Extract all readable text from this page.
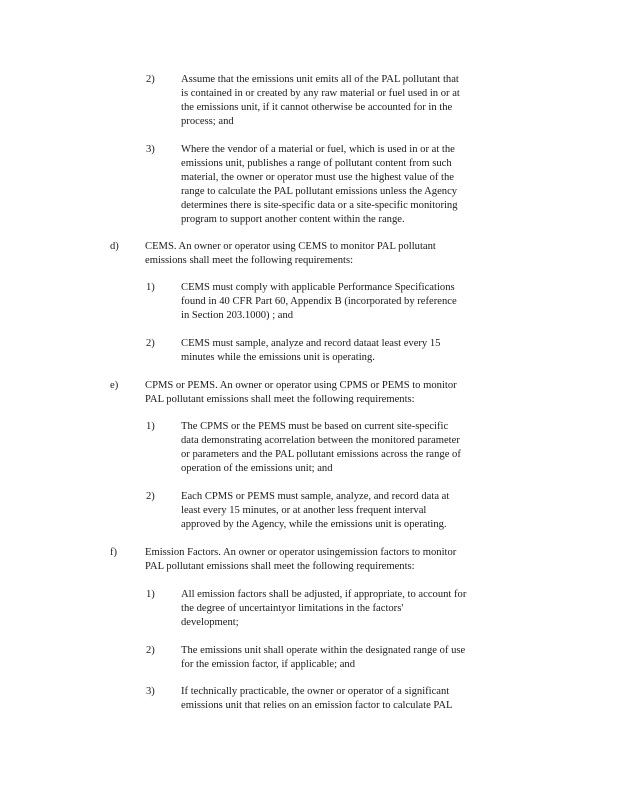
2) Assume that the emissions unit emits all of the PAL pollutant that
is contained in or created by any raw material or fuel used in or at
the emissions unit, if it cannot otherwise be accounted for in the
process; and
3) Where the vendor of a material or fuel, which is used in or at the
emissions unit, publishes a range of pollutant content from such
material, the owner or operator must use the highest value of the
range to calculate the PAL pollutant emissions unless the Agency
determines there is site-specific data or a site-specific monitoring
program to support another content within the range.
d) CEMS. An owner or operator using CEMS to monitor PAL pollutant
emissions shall meet the following requirements:
1) CEMS must comply with applicable Performance Specifications
found in 40 CFR Part 60, Appendix B (incorporated by reference
in Section 203.1000) ; and
2) CEMS must sample, analyze and record dataat least every 15
minutes while the emissions unit is operating.
e)	CPMS or PEMS. An owner or operator using CPMS or PEMS to monitor
PAL pollutant emissions shall meet the following requirements:
1) The CPMS or the PEMS must be based on current site-specific
data demonstrating acorrelation between the monitored parameter
or parameters and the PAL pollutant emissions across the range of
operation of the emissions unit; and
2) Each CPMS or PEMS must sample, analyze, and record data at
least every 15 minutes, or at another less frequent interval
approved by the Agency, while the emissions unit is operating.
f)	Emission Factors. An owner or operator usingemission factors to monitor
PAL pollutant emissions shall meet the following requirements:
1) All emission factors shall be adjusted, if appropriate, to account for
the degree of uncertaintyor limitations in the factors'
development;
2) The emissions unit shall operate within the designated range of use
for the emission factor, if applicable; and
3) If technically practicable, the owner or operator of a significant
emissions unit that relies on an emission factor to calculate PAL
